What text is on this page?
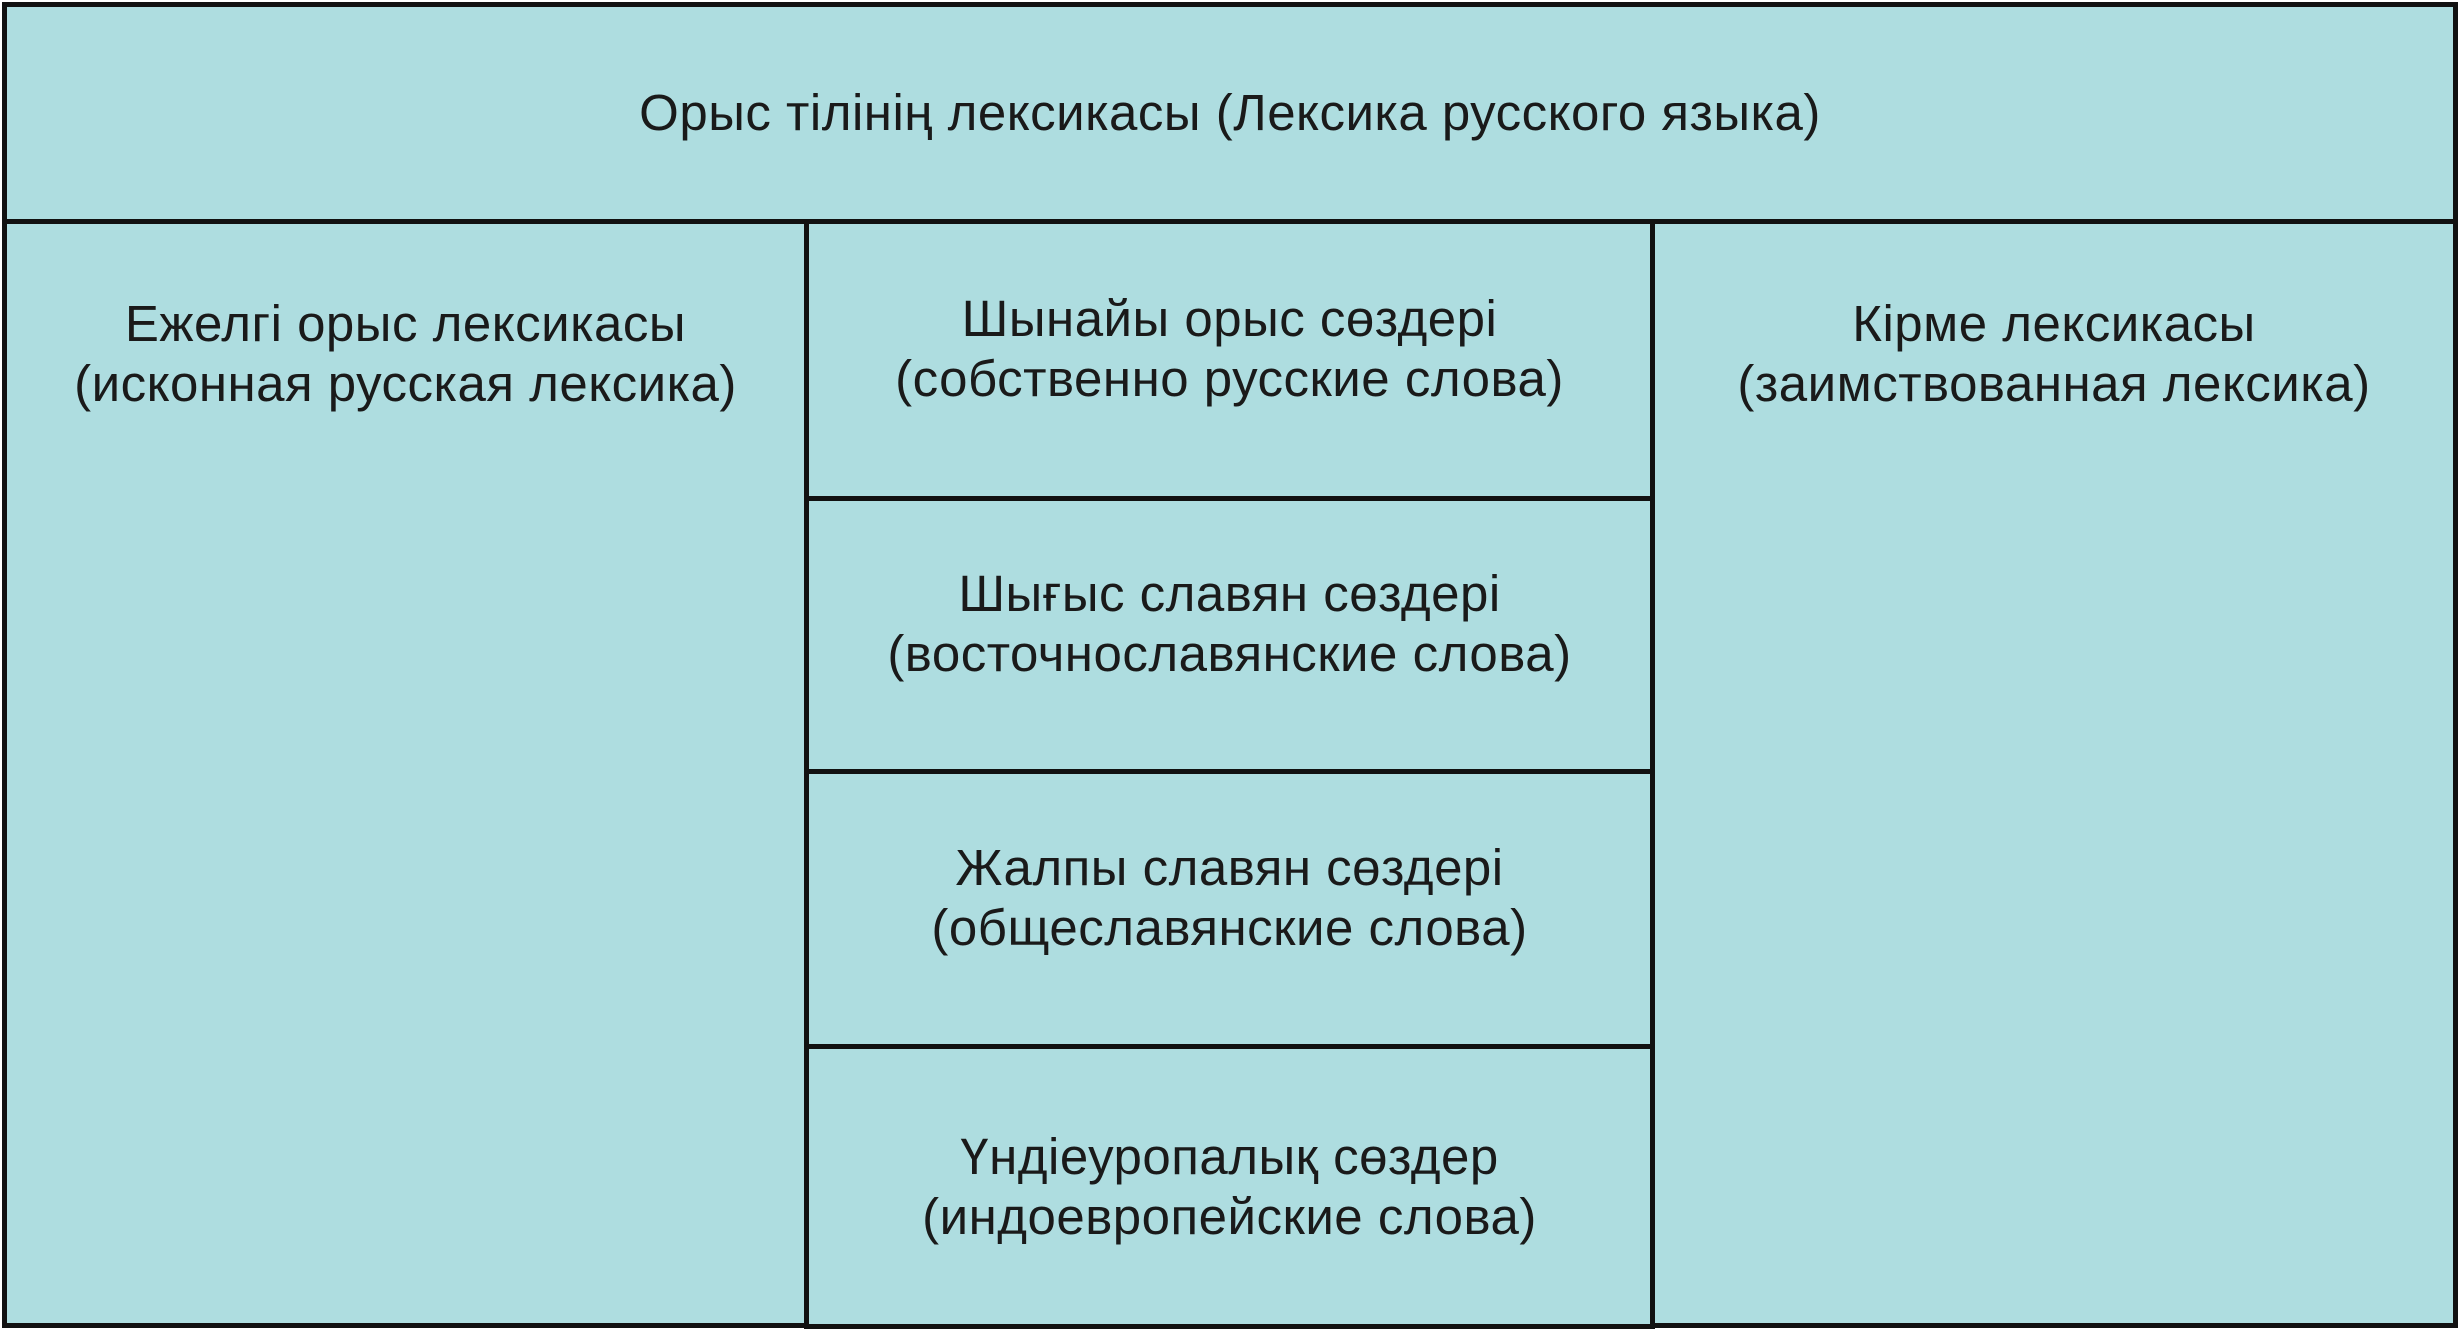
Орыс тілінің лексикасы (Лексика русского языка)
Ежелгі орыс лексикасы
(исконная русская лексика)
Шынайы орыс сөздері
(собственно русские слова)
Шығыс славян сөздері
(восточнославянские слова)
Жалпы славян сөздері
(общеславянские слова)
Үндіеуропалық сөздер
(индоевропейские слова)
Кірме лексикасы
(заимствованная лексика)
